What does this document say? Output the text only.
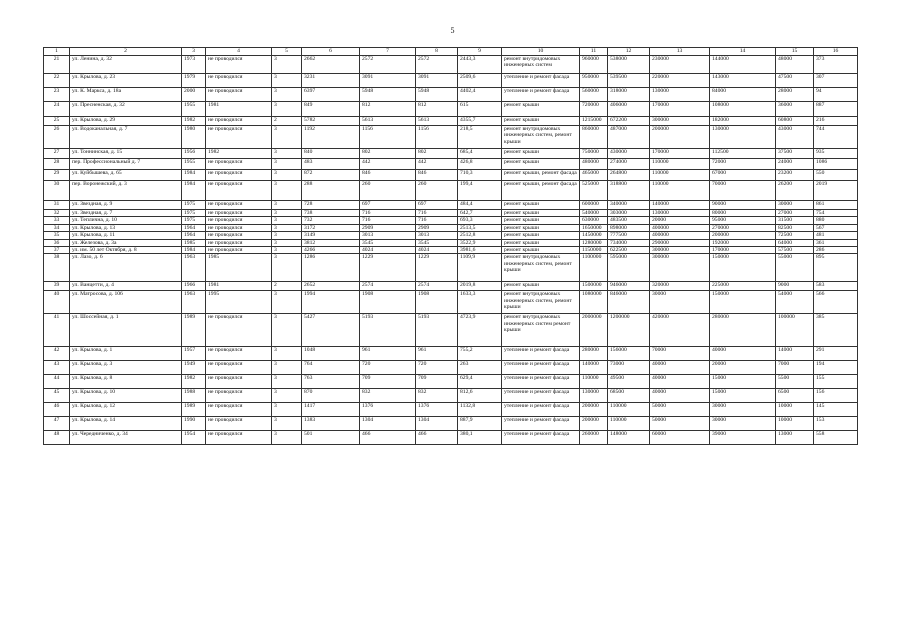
5
1	2	3	4	5	6	7	8	9	10	11	12	13	14	15	16
21	ул. Ленина, д. 32	1973	не проводился	3	2662	2572	2572	2443,3	ремонт внутридомовых инженерных систем	960000	538000	230000	144000	48000	373
22	ул. Крылова, д. 23	1979	не проводился	3	3231	3091	3091	2509,6	утепление и ремонт фасада	950000	539500	220000	143000	47500	307
23	ул. К. Маркса, д. 18а	2000	не проводился	3	6397	5948	5948	4402,4	утепление и ремонт фасада	560000	318000	130000	84000	28000	94
24	ул. Пресненская, д. 32	1955	1981	3	849	812	812	615	ремонт крыши	720000	406000	170000	108000	36000	887
25	ул. Крылова, д. 29	1982	не проводился	2	5782	5613	5613	4355,7	ремонт крыши	1215000	672200	300000	182000	60800	216
26	ул. Водоканальная, д. 7	1980	не проводился	3	1192	1156	1156	218,5	ремонт внутридомовых инженерных систем, ремонт крыши	860000	487000	200000	130000	43000	744
27	ул. Тоннинская, д. 15	1956	1982	3	840	802	802	685,4	ремонт крыши	750000	430000	170000	112500	37500	935
28	пер. Профессиональный д. 7	1955	не проводился	3	483	442	442	426,8	ремонт крыши	480000	274000	110000	72000	24000	1086
29	ул. Куйбышева, д. 65	1984	не проводился	3	872	846	846	710,3	ремонт крыши, ремонт фасада	465000	264800	110000	67000	23200	550
30	пер. Воронежский, д. 3	1984	не проводился	3	288	260	260	199,4	ремонт крыши, ремонт фасада	525000	318800	110000	70000	26200	2019
31	ул. Звездная, д. 9	1975	не проводился	3	728	697	697	484,4	ремонт крыши	600000	340000	140000	90000	30000	861
32	ул. Звездная, д. 7	1975	не проводился	3	738	716	716	642,7	ремонт крыши	540000	303000	130000	80000	27000	754
33	ул. Теплична, д. 10	1975	не проводился	3	732	716	716	693,3	ремонт крыши	630000	483500	20000	95000	31500	880
34	ул. Крылова, д. 13	1964	не проводился	3	3172	2909	2909	2513,5	ремонт крыши	1650000	898000	400000	270000	82500	567
35	ул. Крылова, д. 11	1964	не проводился	3	3149	3013	3013	2512,8	ремонт крыши	1450000	777500	400000	200000	72500	481
36	ул. Железова, д. 3а	1985	не проводился	3	3812	3545	3545	3522,9	ремонт крыши	1280000	734000	290000	192000	64000	361
37	ул. им. 50 лет Октября, д. 8	1984	не проводился	3	4266	4024	4024	3981,6	ремонт крыши	1150000	622500	300000	170000	57500	286
38	ул. Лазо, д. 6	1963	1985	3	1286	1229	1229	1109,9	ремонт внутридомовых инженерных систем, ремонт крыши	1100000	595000	300000	150000	55000	895
39	ул. Ванцетти, д. 4	1966	1981	2	2652	2574	2574	2019,8	ремонт крыши	1500000	946000	320000	225000	9000	583
40	ул. Матросова, д. 106	1963	1995	3	1994	1908	1908	1633,3	ремонт внутридомовых инженерных систем, ремонт крыши	1080000	846000	30000	150000	54000	566
41	ул. Шоссейная, д. 1	1989	не проводился	3	5427	5193	5193	4723,9	ремонт внутридомовых инженерных систем ремонт крыши	2000000	1200000	420000	280000	100000	385
42	ул. Крылова, д. 1	1957	не проводился	3	1048	961	961	755,2	утепление и ремонт фасада	280000	156000	70000	40000	14000	291
43	ул. Крылова, д. 3	1949	не проводился	3	764	720	720	263	утепление и ремонт фасада	140000	73000	40000	20000	7000	194
44	ул. Крылова, д. 8	1982	не проводился	3	763	709	709	629,4	утепление и ремонт фасада	110000	49500	40000	15000	5500	155
45	ул. Крылова, д. 10	1988	не проводился	3	870	832	832	812,6	утепление и ремонт фасада	130000	68500	40000	15000	6500	156
46	ул. Крылова, д. 12	1989	не проводился	3	1417	1376	1376	1132,8	утепление и ремонт фасада	200000	110000	50000	30000	10000	145
47	ул. Крылова, д. 14	1990	не проводился	3	1383	1304	1304	887,9	утепление и ремонт фасада	200000	110000	50000	30000	10000	153
48	ул. Чередниченко, д. 34	1954	не проводился	3	501	466	466	380,1	утепление и ремонт фасада	260000	148000	60000	39000	13000	558
